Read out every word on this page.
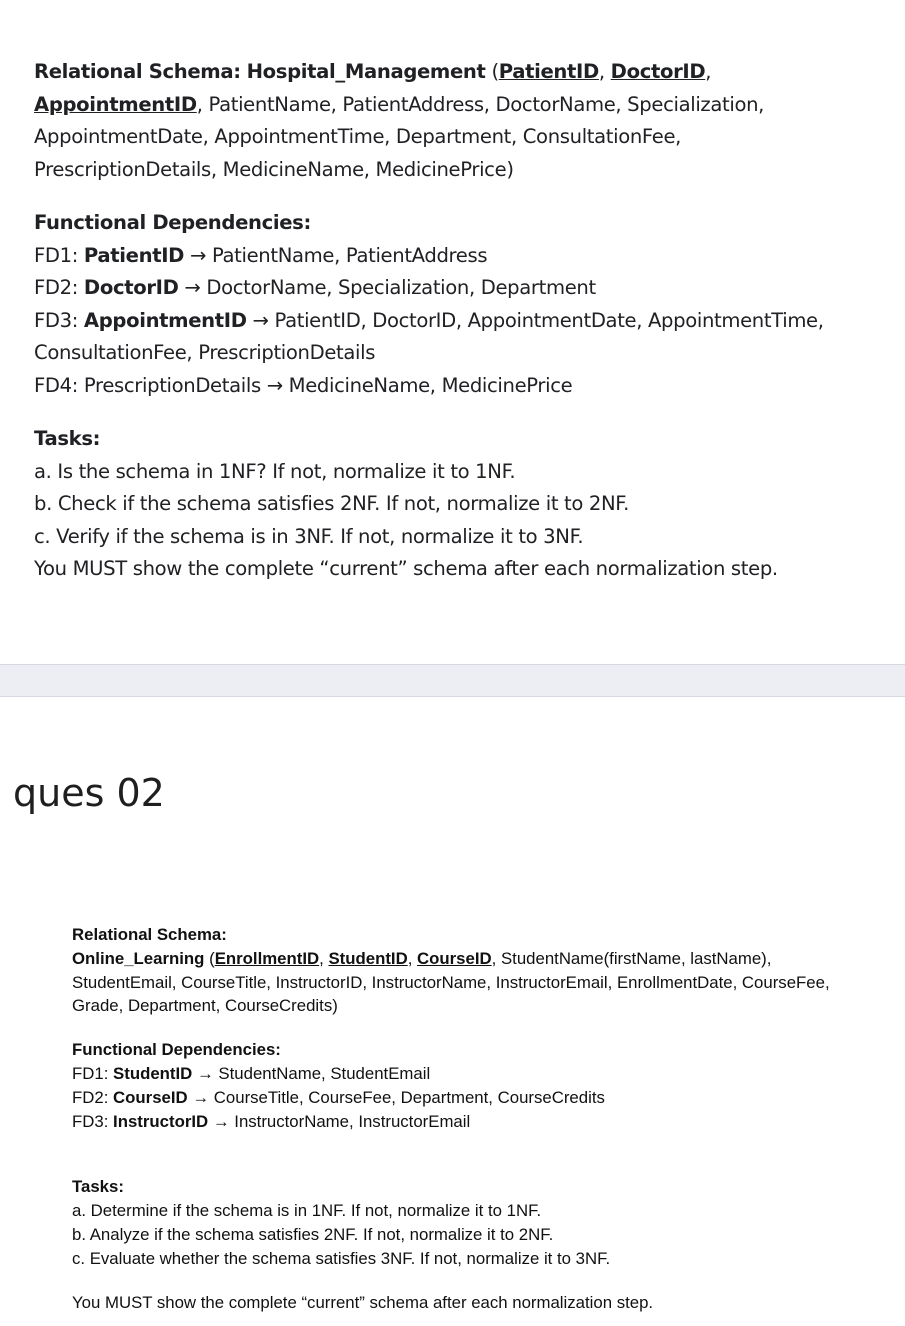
Relational Schema: Hospital_Management (PatientID, DoctorID, AppointmentID, PatientName, PatientAddress, DoctorName, Specialization, AppointmentDate, AppointmentTime, Department, ConsultationFee, PrescriptionDetails, MedicineName, MedicinePrice)

Functional Dependencies:

FD1: PatientID → PatientName, PatientAddress

FD2: DoctorID → DoctorName, Specialization, Department

FD3: AppointmentID → PatientID, DoctorID, AppointmentDate, AppointmentTime, ConsultationFee, PrescriptionDetails

FD4: PrescriptionDetails → MedicineName, MedicinePrice

Tasks:

a. Is the schema in 1NF? If not, normalize it to 1NF.

b. Check if the schema satisfies 2NF. If not, normalize it to 2NF.

c. Verify if the schema is in 3NF. If not, normalize it to 3NF.

You MUST show the complete “current” schema after each normalization step.

ques 02

Relational Schema:

Online_Learning (EnrollmentID, StudentID, CourseID, StudentName(firstName, lastName), StudentEmail, CourseTitle, InstructorID, InstructorName, InstructorEmail, EnrollmentDate, CourseFee, Grade, Department, CourseCredits)

Functional Dependencies:

FD1: StudentID → StudentName, StudentEmail

FD2: CourseID → CourseTitle, CourseFee, Department, CourseCredits

FD3: InstructorID → InstructorName, InstructorEmail

Tasks:

a. Determine if the schema is in 1NF. If not, normalize it to 1NF.

b. Analyze if the schema satisfies 2NF. If not, normalize it to 2NF.

c. Evaluate whether the schema satisfies 3NF. If not, normalize it to 3NF.

You MUST show the complete “current” schema after each normalization step.
